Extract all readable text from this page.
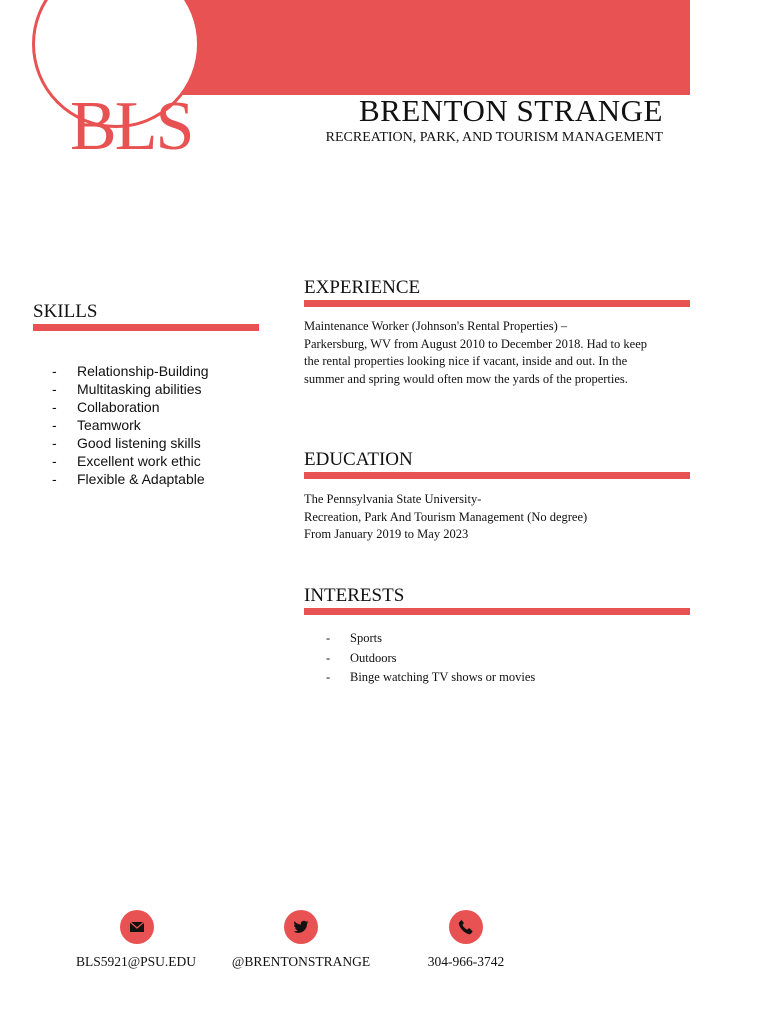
BLS	BRENTON STRANGE
RECREATION, PARK, AND TOURISM MANAGEMENT
SKILLS
- Relationship-Building
- Multitasking abilities
- Collaboration
- Teamwork
- Good listening skills
- Excellent work ethic
- Flexible & Adaptable
EXPERIENCE
Maintenance Worker (Johnson's Rental Properties) –
Parkersburg, WV from August 2010 to December 2018. Had to keep
the rental properties looking nice if vacant, inside and out. In the
summer and spring would often mow the yards of the properties.
EDUCATION
The Pennsylvania State University-
Recreation, Park And Tourism Management (No degree)
From January 2019 to May 2023
INTERESTS
- Sports
- Outdoors
- Binge watching TV shows or movies
BLS5921@PSU.EDU	@BRENTONSTRANGE	304-966-3742
